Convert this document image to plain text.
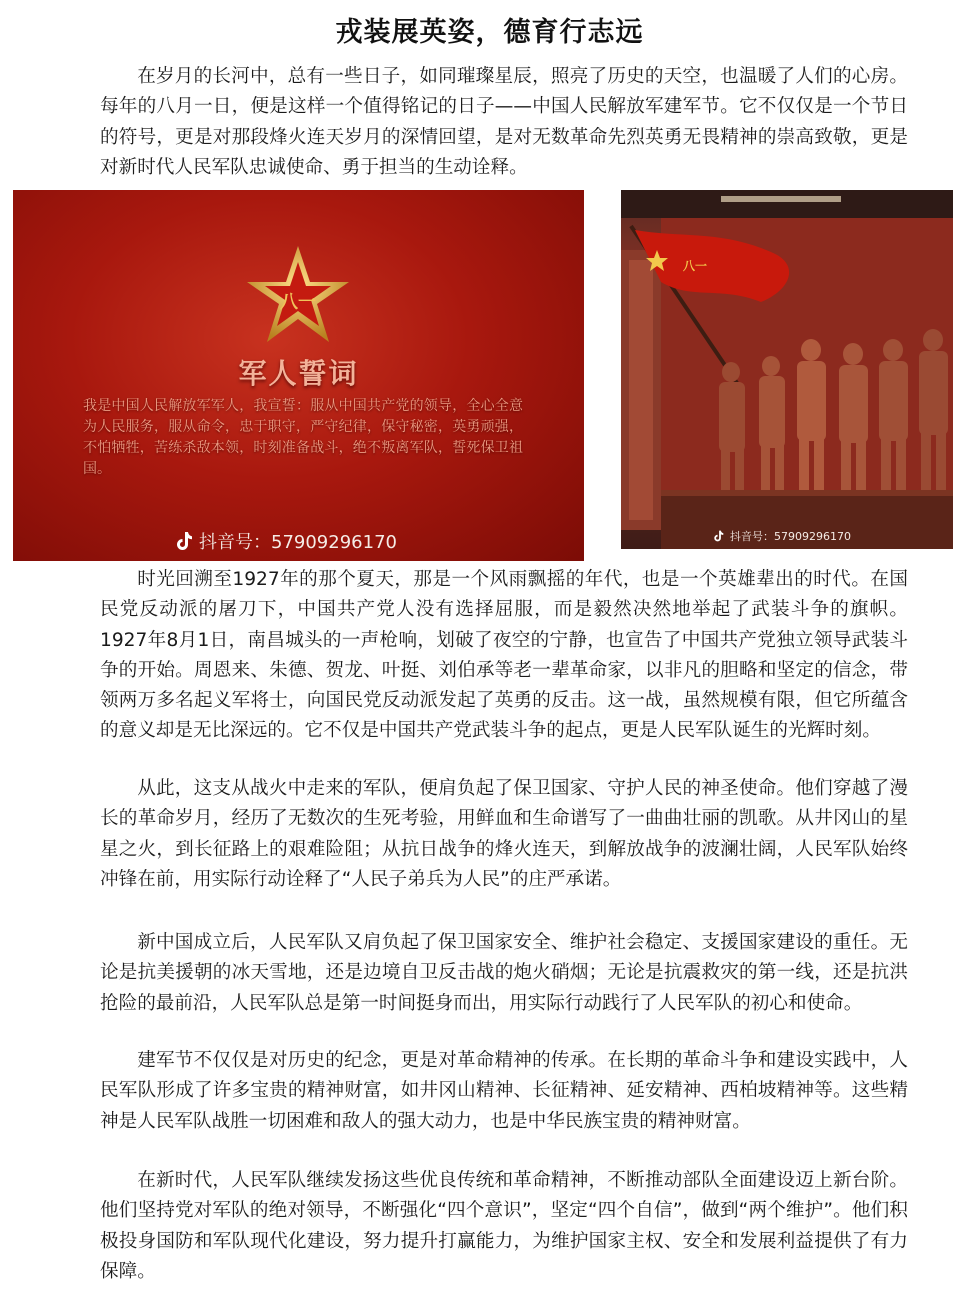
戎装展英姿，德育行志远

在岁月的长河中，总有一些日子，如同璀璨星辰，照亮了历史的天空，也温暖了人们的心房。每年的八月一日，便是这样一个值得铭记的日子——中国人民解放军建军节。它不仅仅是一个节日的符号，更是对那段烽火连天岁月的深情回望，是对无数革命先烈英勇无畏精神的崇高致敬，更是对新时代人民军队忠诚使命、勇于担当的生动诠释。

八一
军人誓词
我是中国人民解放军军人，我宣誓：服从中国共产党的领导，全心全意为人民服务，服从命令，忠于职守，严守纪律，保守秘密，英勇顽强，不怕牺牲，苦练杀敌本领，时刻准备战斗，绝不叛离军队，誓死保卫祖国。
抖音号：57909296170
八一
抖音号：57909296170

时光回溯至1927年的那个夏天，那是一个风雨飘摇的年代，也是一个英雄辈出的时代。在国民党反动派的屠刀下，中国共产党人没有选择屈服，而是毅然决然地举起了武装斗争的旗帜。1927年8月1日，南昌城头的一声枪响，划破了夜空的宁静，也宣告了中国共产党独立领导武装斗争的开始。周恩来、朱德、贺龙、叶挺、刘伯承等老一辈革命家，以非凡的胆略和坚定的信念，带领两万多名起义军将士，向国民党反动派发起了英勇的反击。这一战，虽然规模有限，但它所蕴含的意义却是无比深远的。它不仅是中国共产党武装斗争的起点，更是人民军队诞生的光辉时刻。

从此，这支从战火中走来的军队，便肩负起了保卫国家、守护人民的神圣使命。他们穿越了漫长的革命岁月，经历了无数次的生死考验，用鲜血和生命谱写了一曲曲壮丽的凯歌。从井冈山的星星之火，到长征路上的艰难险阻；从抗日战争的烽火连天，到解放战争的波澜壮阔，人民军队始终冲锋在前，用实际行动诠释了“人民子弟兵为人民”的庄严承诺。

新中国成立后，人民军队又肩负起了保卫国家安全、维护社会稳定、支援国家建设的重任。无论是抗美援朝的冰天雪地，还是边境自卫反击战的炮火硝烟；无论是抗震救灾的第一线，还是抗洪抢险的最前沿，人民军队总是第一时间挺身而出，用实际行动践行了人民军队的初心和使命。

建军节不仅仅是对历史的纪念，更是对革命精神的传承。在长期的革命斗争和建设实践中，人民军队形成了许多宝贵的精神财富，如井冈山精神、长征精神、延安精神、西柏坡精神等。这些精神是人民军队战胜一切困难和敌人的强大动力，也是中华民族宝贵的精神财富。

在新时代，人民军队继续发扬这些优良传统和革命精神，不断推动部队全面建设迈上新台阶。他们坚持党对军队的绝对领导，不断强化“四个意识”，坚定“四个自信”，做到“两个维护”。他们积极投身国防和军队现代化建设，努力提升打赢能力，为维护国家主权、安全和发展利益提供了有力保障。
